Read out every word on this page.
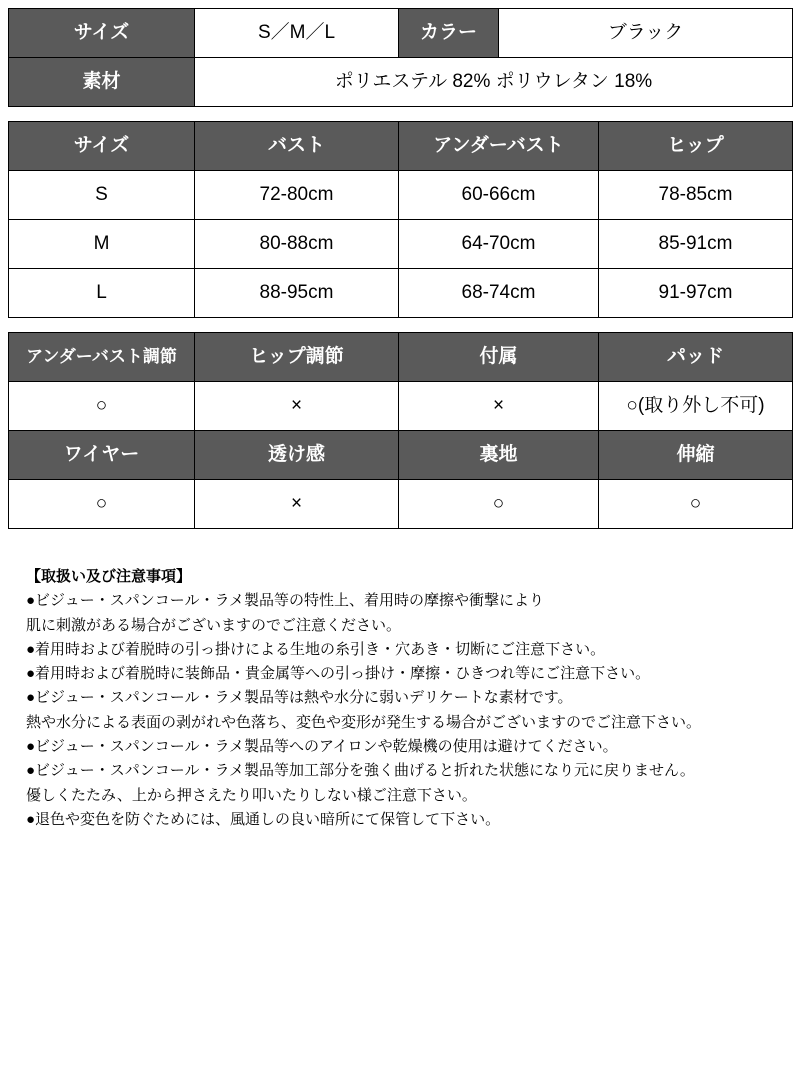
サイズ	S／M／L	カラー	ブラック
素材	ポリエステル 82% ポリウレタン 18%		
サイズ	バスト	アンダーバスト	ヒップ
S	72-80cm	60-66cm	78-85cm
M	80-88cm	64-70cm	85-91cm
L	88-95cm	68-74cm	91-97cm
アンダーバスト調節	ヒップ調節	付属	パッド
○	×	×	○(取り外し不可)
ワイヤー	透け感	裏地	伸縮
○	×	○	○

【取扱い及び注意事項】

●ビジュー・スパンコール・ラメ製品等の特性上、着用時の摩擦や衝撃により

肌に刺激がある場合がございますのでご注意ください。

●着用時および着脱時の引っ掛けによる生地の糸引き・穴あき・切断にご注意下さい。

●着用時および着脱時に装飾品・貴金属等への引っ掛け・摩擦・ひきつれ等にご注意下さい。

●ビジュー・スパンコール・ラメ製品等は熱や水分に弱いデリケートな素材です。

熱や水分による表面の剥がれや色落ち、変色や変形が発生する場合がございますのでご注意下さい。

●ビジュー・スパンコール・ラメ製品等へのアイロンや乾燥機の使用は避けてください。

●ビジュー・スパンコール・ラメ製品等加工部分を強く曲げると折れた状態になり元に戻りません。

優しくたたみ、上から押さえたり叩いたりしない様ご注意下さい。

●退色や変色を防ぐためには、風通しの良い暗所にて保管して下さい。
